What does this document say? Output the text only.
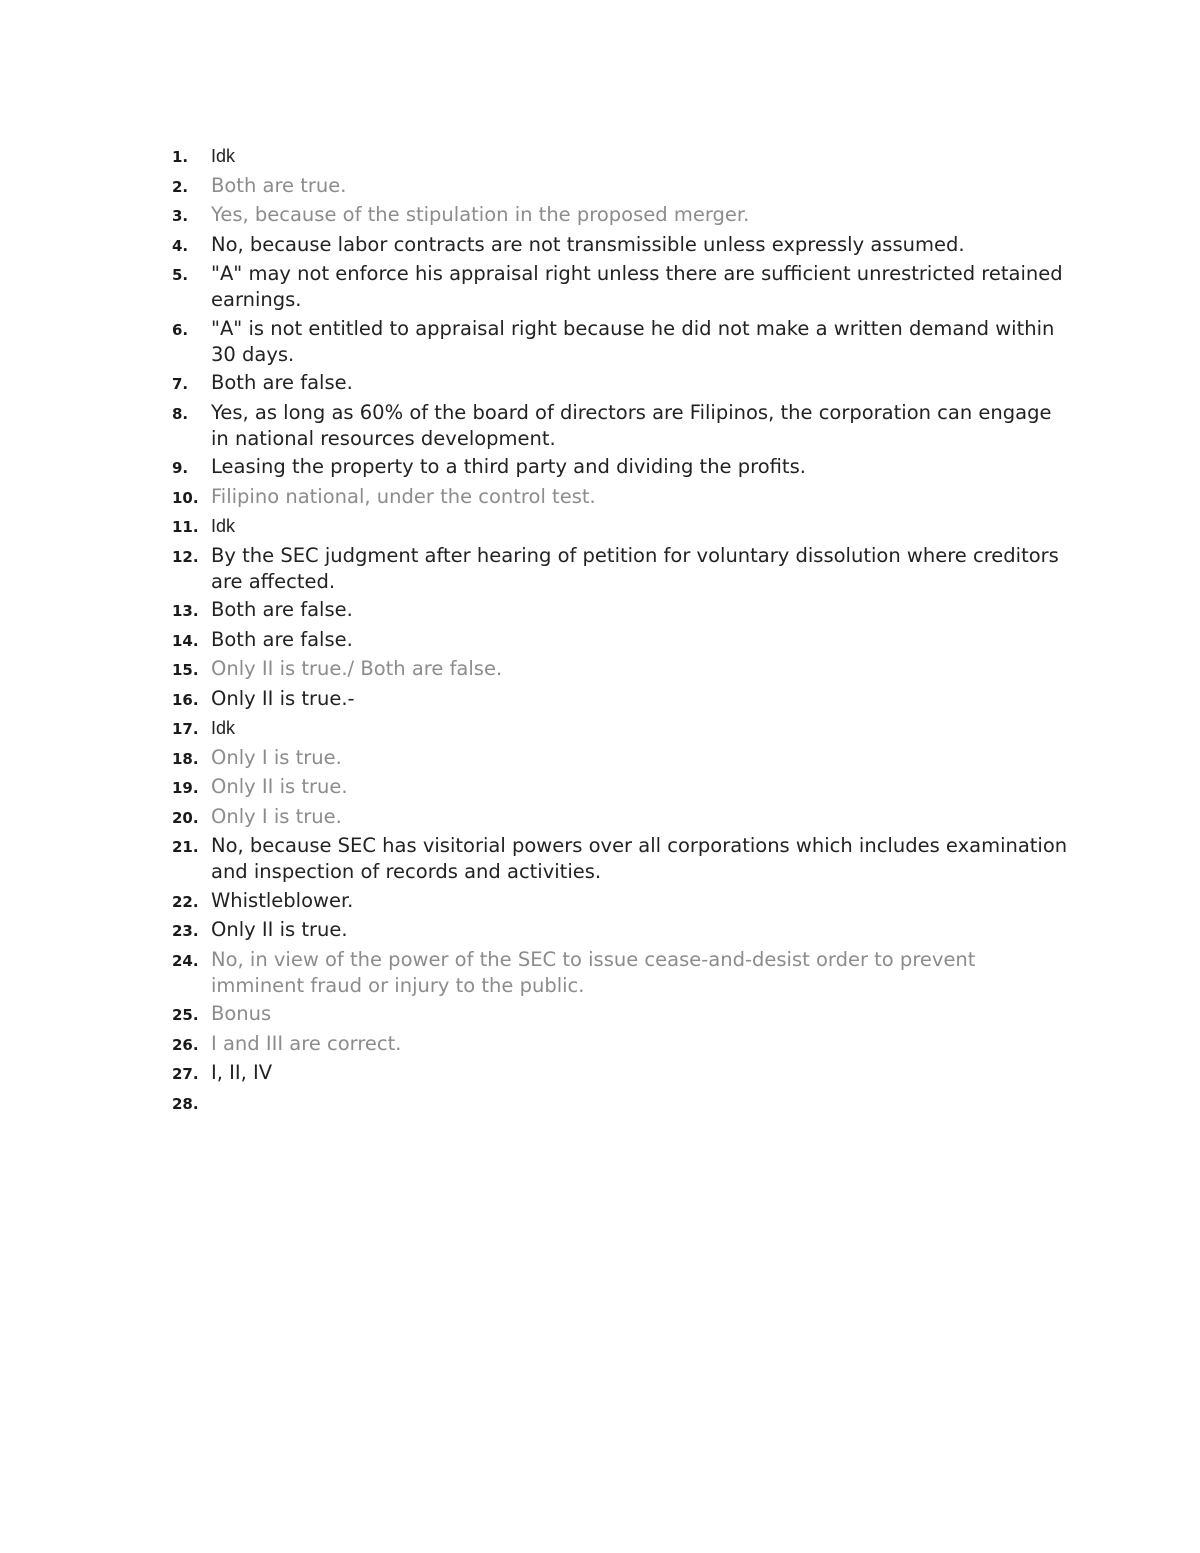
1.	Idk
2.	Both are true.
3.	Yes, because of the stipulation in the proposed merger.
4.	No, because labor contracts are not transmissible unless expressly assumed.
5.	"A" may not enforce his appraisal right unless there are sufficient unrestricted retained earnings.
6.	"A" is not entitled to appraisal right because he did not make a written demand within 30 days.
7.	Both are false.
8.	Yes, as long as 60% of the board of directors are Filipinos, the corporation can engage in national resources development.
9.	Leasing the property to a third party and dividing the profits.
10. Filipino national, under the control test.
11. Idk
12. By the SEC judgment after hearing of petition for voluntary dissolution where creditors are affected.
13. Both are false.
14. Both are false.
15. Only II is true./ Both are false.
16. Only II is true.-
17. Idk
18. Only I is true.
19. Only II is true.
20. Only I is true.
21. No, because SEC has visitorial powers over all corporations which includes examination and inspection of records and activities.
22. Whistleblower.
23. Only II is true.
24. No, in view of the power of the SEC to issue cease-and-desist order to prevent imminent fraud or injury to the public.
25. Bonus
26. I and III are correct.
27. I, II, IV
28.
